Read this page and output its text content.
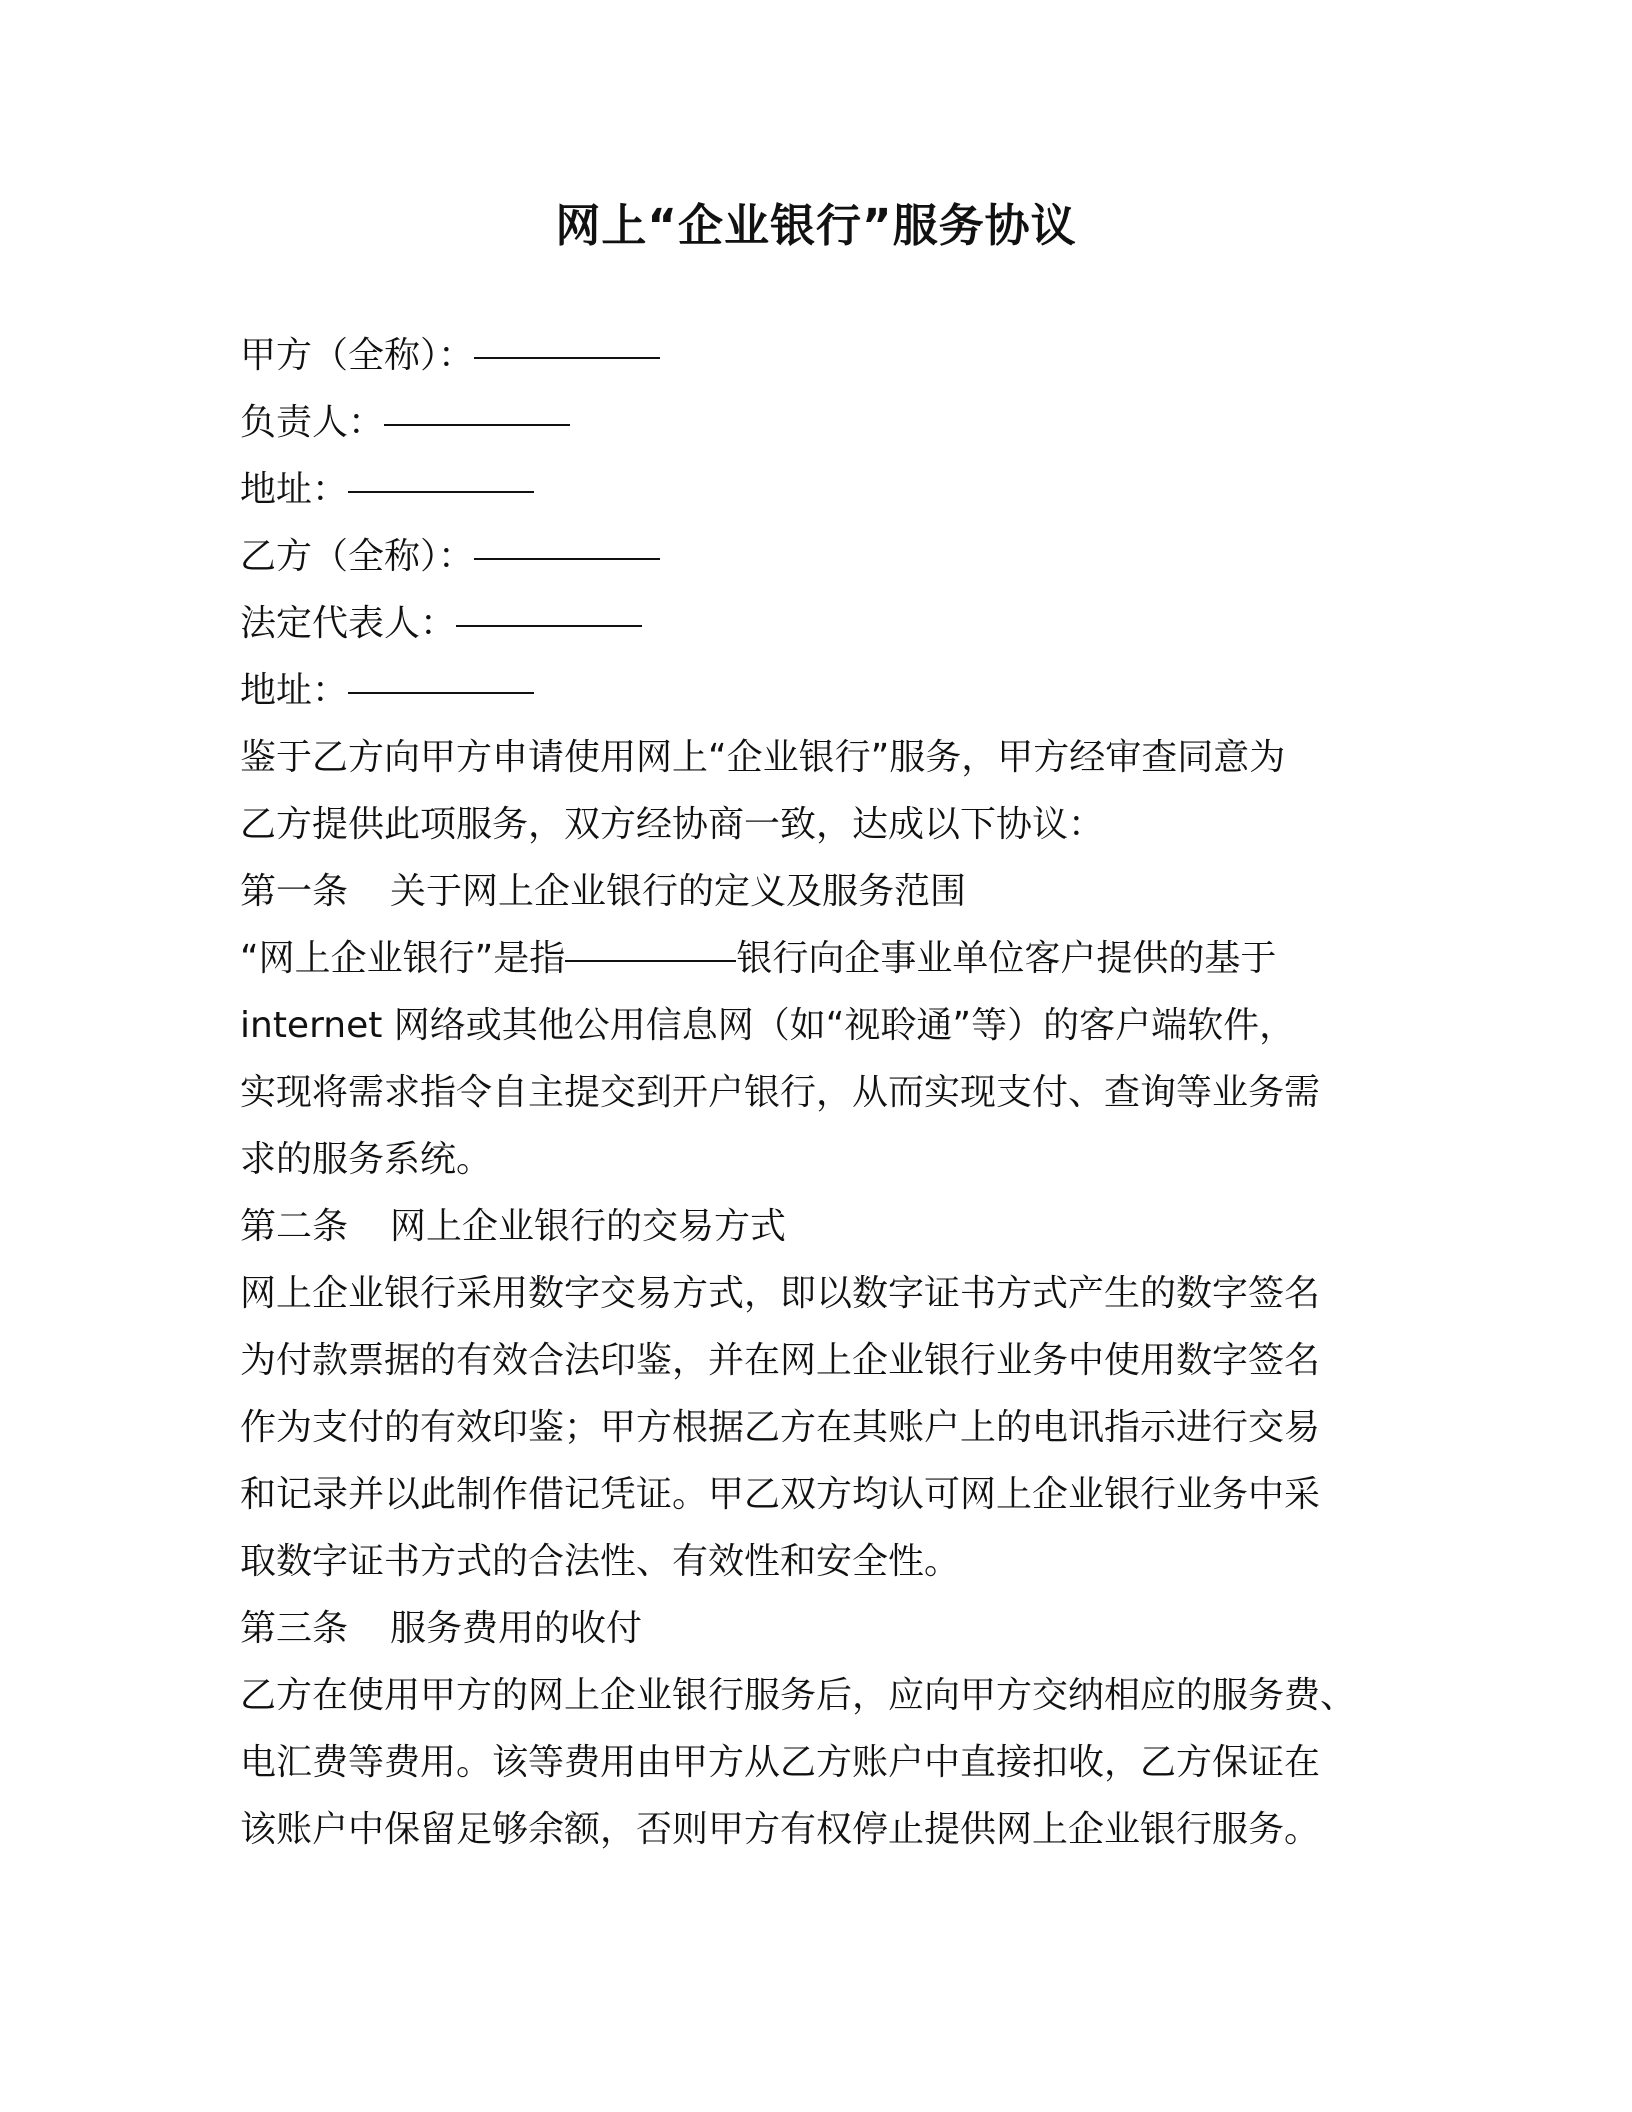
网上“企业银行”服务协议
甲方（全称）：
负责人：
地址：
乙方（全称）：
法定代表人：
地址：
鉴于乙方向甲方申请使用网上“企业银行”服务，甲方经审查同意为
乙方提供此项服务，双方经协商一致，达成以下协议：
第一条 关于网上企业银行的定义及服务范围
“网上企业银行”是指	银行向企事业单位客户提供的基于
internet 网络或其他公用信息网（如“视聆通”等）的客户端软件，
实现将需求指令自主提交到开户银行，从而实现支付、查询等业务需
求的服务系统。
第二条 网上企业银行的交易方式
网上企业银行采用数字交易方式，即以数字证书方式产生的数字签名
为付款票据的有效合法印鉴，并在网上企业银行业务中使用数字签名
作为支付的有效印鉴；甲方根据乙方在其账户上的电讯指示进行交易
和记录并以此制作借记凭证。甲乙双方均认可网上企业银行业务中采
取数字证书方式的合法性、有效性和安全性。
第三条 服务费用的收付
乙方在使用甲方的网上企业银行服务后，应向甲方交纳相应的服务费、
电汇费等费用。该等费用由甲方从乙方账户中直接扣收，乙方保证在
该账户中保留足够余额，否则甲方有权停止提供网上企业银行服务。
